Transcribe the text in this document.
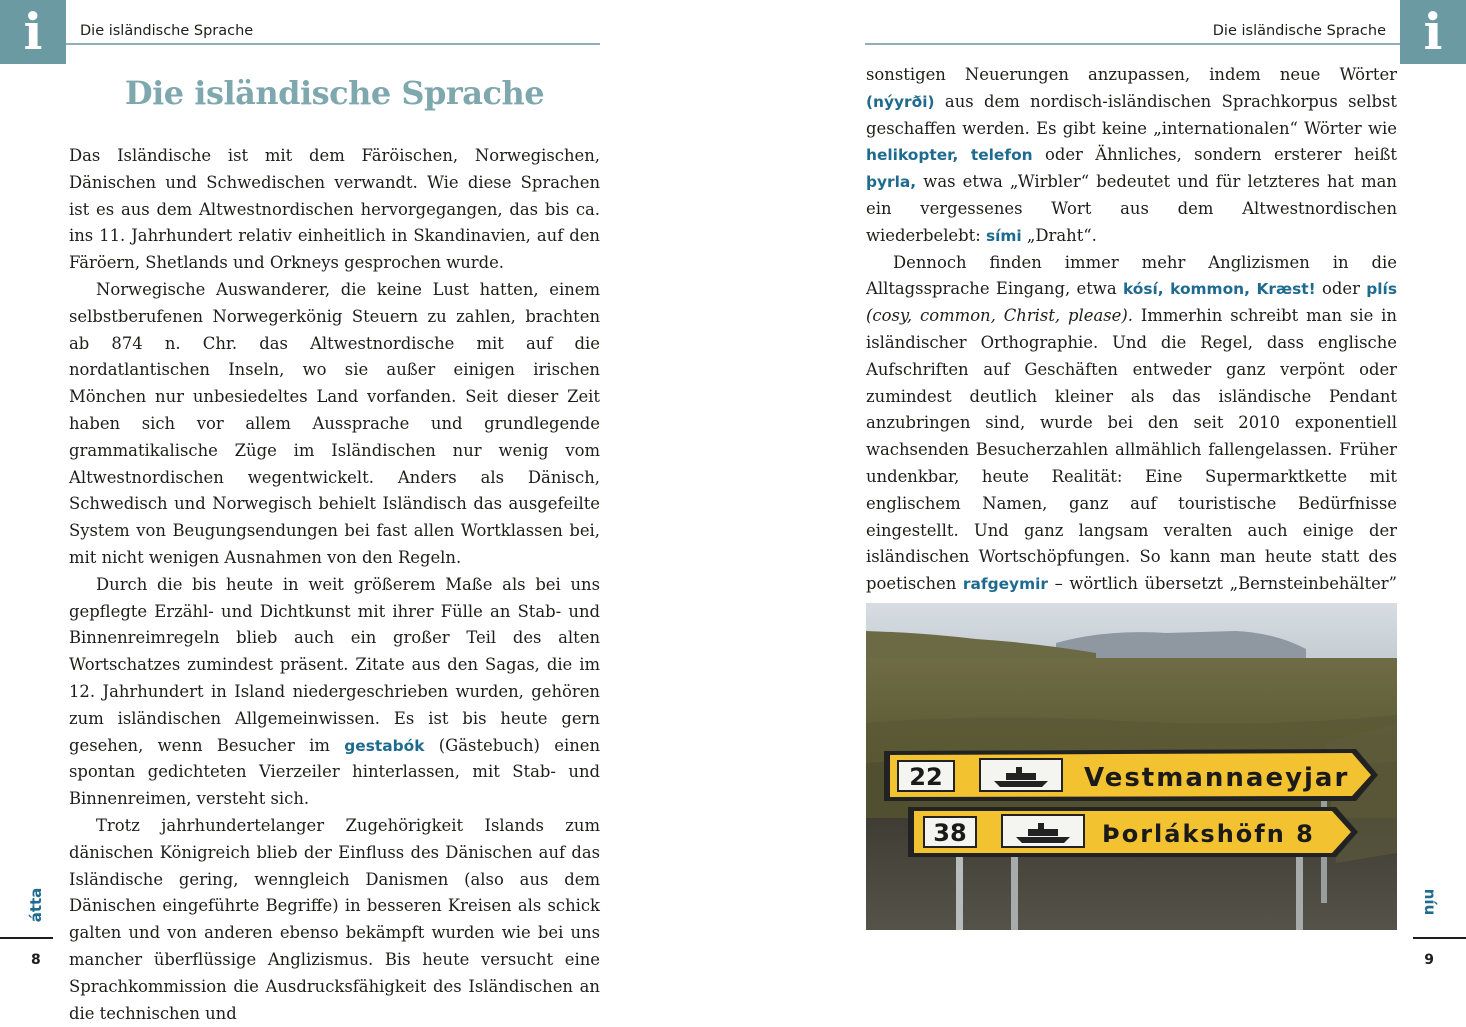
i	Die isländische Sprache
Die isländische Sprache

Das Isländische ist mit dem Färöischen, Norwegischen, Dänischen und Schwedischen verwandt. Wie diese Sprachen ist es aus dem Altwestnordischen hervorgegangen, das bis ca. ins 11. Jahrhundert relativ einheitlich in Skandinavien, auf den Färöern, Shetlands und Orkneys gesprochen wurde.

Norwegische Auswanderer, die keine Lust hatten, einem selbstberufenen Norwegerkönig Steuern zu zahlen, brachten ab 874 n. Chr. das Altwestnordische mit auf die nordatlantischen Inseln, wo sie außer einigen irischen Mönchen nur unbesiedeltes Land vorfanden. Seit dieser Zeit haben sich vor allem Aussprache und grundlegende grammatikalische Züge im Isländischen nur wenig vom Altwestnordischen wegentwickelt. Anders als Dänisch, Schwedisch und Norwegisch behielt Isländisch das ausgefeilte System von Beugungsendungen bei fast allen Wortklassen bei, mit nicht wenigen Ausnahmen von den Regeln.

Durch die bis heute in weit größerem Maße als bei uns gepflegte Erzähl- und Dichtkunst mit ihrer Fülle an Stab- und Binnenreimregeln blieb auch ein großer Teil des alten Wortschatzes zumindest präsent. Zitate aus den Sagas, die im 12. Jahrhundert in Island niedergeschrieben wurden, gehören zum isländischen Allgemeinwissen. Es ist bis heute gern gesehen, wenn Besucher im gestabók (Gästebuch) einen spontan gedichteten Vierzeiler hinterlassen, mit Stab- und Binnenreimen, versteht sich.

Trotz jahrhundertelanger Zugehörigkeit Islands zum dänischen Königreich blieb der Einfluss des Dänischen auf das Isländische gering, wenngleich Danismen (also aus dem Dänischen eingeführte Begriffe) in besseren Kreisen als schick galten und von anderen ebenso bekämpft wurden wie bei uns mancher überflüssige Anglizismus. Bis heute versucht eine Sprachkommission die Ausdrucksfähigkeit des Isländischen an die technischen und

átta
8
i
Die isländische Sprache

sonstigen Neuerungen anzupassen, indem neue Wörter (nýyrði) aus dem nordisch-isländischen Sprachkorpus selbst geschaffen werden. Es gibt keine „internationalen“ Wörter wie helikopter, telefon oder Ähnliches, sondern ersterer heißt þyrla, was etwa „Wirbler“ bedeutet und für letzteres hat man ein vergessenes Wort aus dem Altwestnordischen wiederbelebt: sími „Draht“.

Dennoch finden immer mehr Anglizismen in die Alltagssprache Eingang, etwa kósí, kommon, Kræst! oder plís (cosy, common, Christ, please). Immerhin schreibt man sie in isländischer Orthographie. Und die Regel, dass englische Aufschriften auf Geschäften entweder ganz verpönt oder zumindest deutlich kleiner als das isländische Pendant anzubringen sind, wurde bei den seit 2010 exponentiell wachsenden Besucherzahlen allmählich fallengelassen. Früher undenkbar, heute Realität: Eine Supermarktkette mit englischem Namen, ganz auf touristische Bedürfnisse eingestellt. Und ganz langsam veralten auch einige der isländischen Wortschöpfungen. So kann man heute statt des poetischen rafgeymir – wörtlich übersetzt „Bernsteinbehälter”

22	Vestmannaeyjar
38	Þorlákshöfn 8
níu
9
